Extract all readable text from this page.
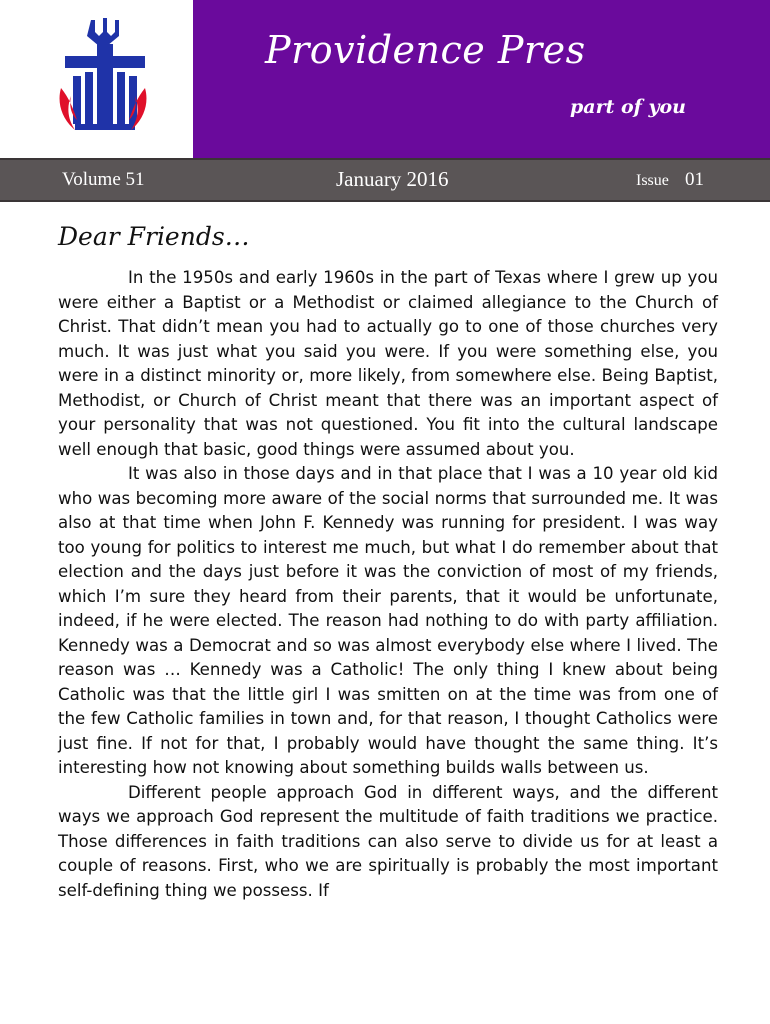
Providence Pres
part of you
Volume 51	January 2016	Issue 01
Dear Friends…

In the 1950s and early 1960s in the part of Texas where I grew up you were either a Baptist or a Methodist or claimed allegiance to the Church of Christ. That didn’t mean you had to actually go to one of those churches very much. It was just what you said you were. If you were something else, you were in a distinct minority or, more likely, from somewhere else. Being Baptist, Methodist, or Church of Christ meant that there was an important aspect of your personality that was not questioned. You fit into the cultural landscape well enough that basic, good things were assumed about you.

It was also in those days and in that place that I was a 10 year old kid who was becoming more aware of the social norms that surrounded me. It was also at that time when John F. Kennedy was running for president. I was way too young for politics to interest me much, but what I do remember about that election and the days just before it was the conviction of most of my friends, which I’m sure they heard from their parents, that it would be unfortunate, indeed, if he were elected. The reason had nothing to do with party affiliation. Kennedy was a Democrat and so was almost everybody else where I lived. The reason was … Kennedy was a Catholic! The only thing I knew about being Catholic was that the little girl I was smitten on at the time was from one of the few Catholic families in town and, for that reason, I thought Catholics were just fine. If not for that, I probably would have thought the same thing. It’s interesting how not knowing about something builds walls between us.

Different people approach God in different ways, and the different ways we approach God represent the multitude of faith traditions we practice. Those differences in faith traditions can also serve to divide us for at least a couple of reasons. First, who we are spiritually is probably the most important self-defining thing we possess. If
